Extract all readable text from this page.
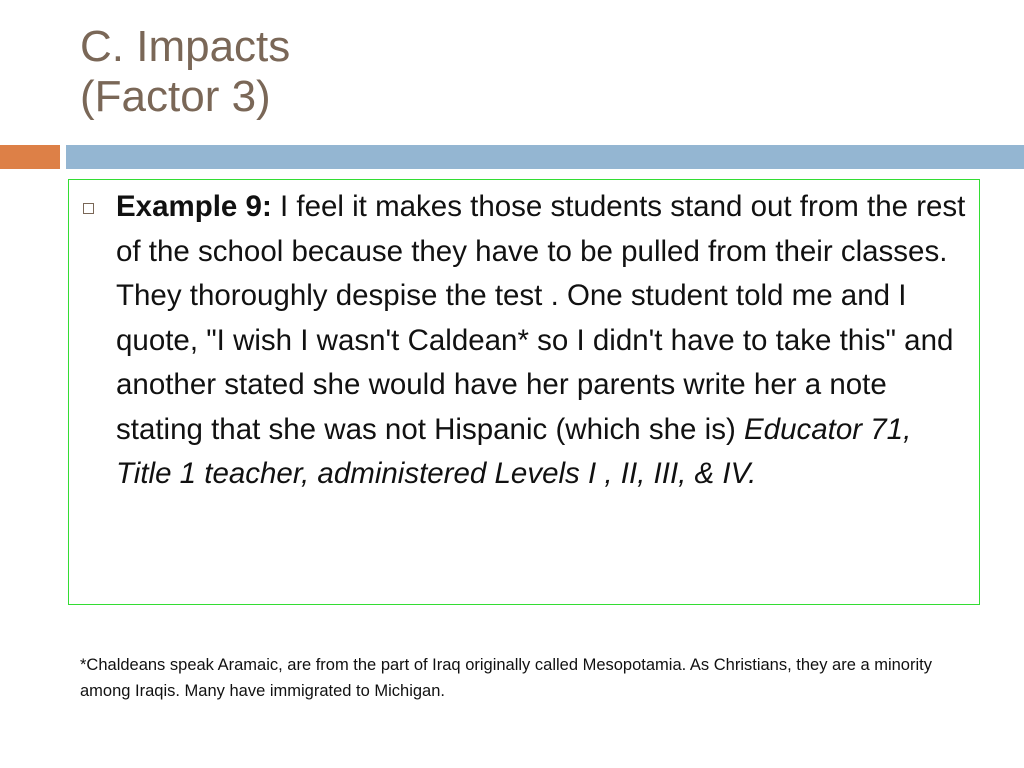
C. Impacts
(Factor 3)
Example 9: I feel it makes those students stand out from the rest of the school because they have to be pulled from their classes. They thoroughly despise the test . One student told me and I quote, "I wish I wasn't Caldean* so I didn't have to take this" and another stated she would have her parents write her a note stating that she was not Hispanic (which she is) Educator 71, Title 1 teacher, administered Levels I , II, III, & IV.
*Chaldeans speak Aramaic, are from the part of Iraq originally called Mesopotamia. As Christians, they are a minority among Iraqis. Many have immigrated to Michigan.
